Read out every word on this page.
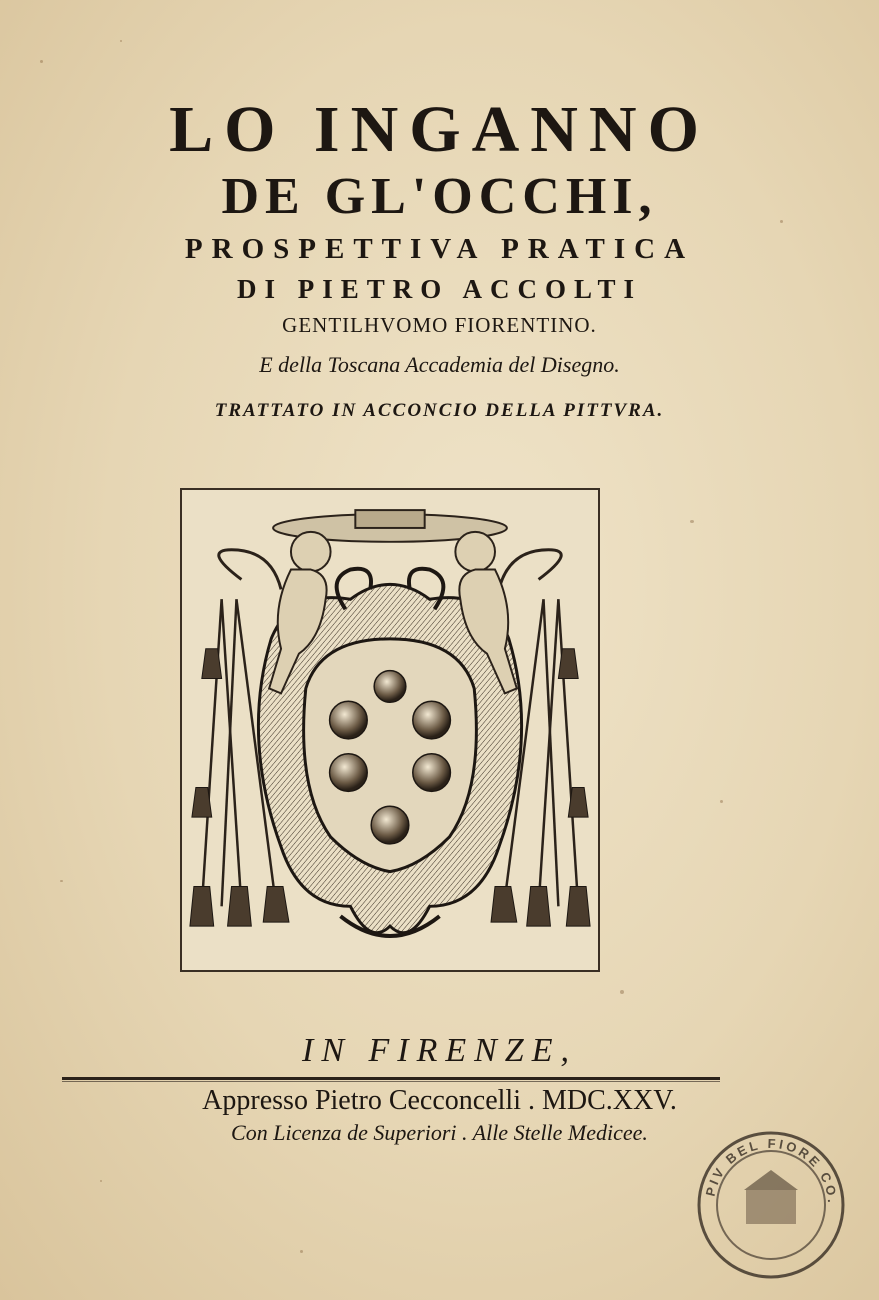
LO INGANNO
DE GL'OCCHI,
PROSPETTIVA PRATICA
DI PIETRO ACCOLTI
GENTILHVOMO FIORENTINO.
E della Toscana Accademia del Disegno.
TRATTATO IN ACCONCIO DELLA PITTVRA.
IN FIRENZE,
Appresso Pietro Cecconcelli . MDC.XXV.
Con Licenza de Superiori . Alle Stelle Medicee.
PIV BEL FIORE CO.
